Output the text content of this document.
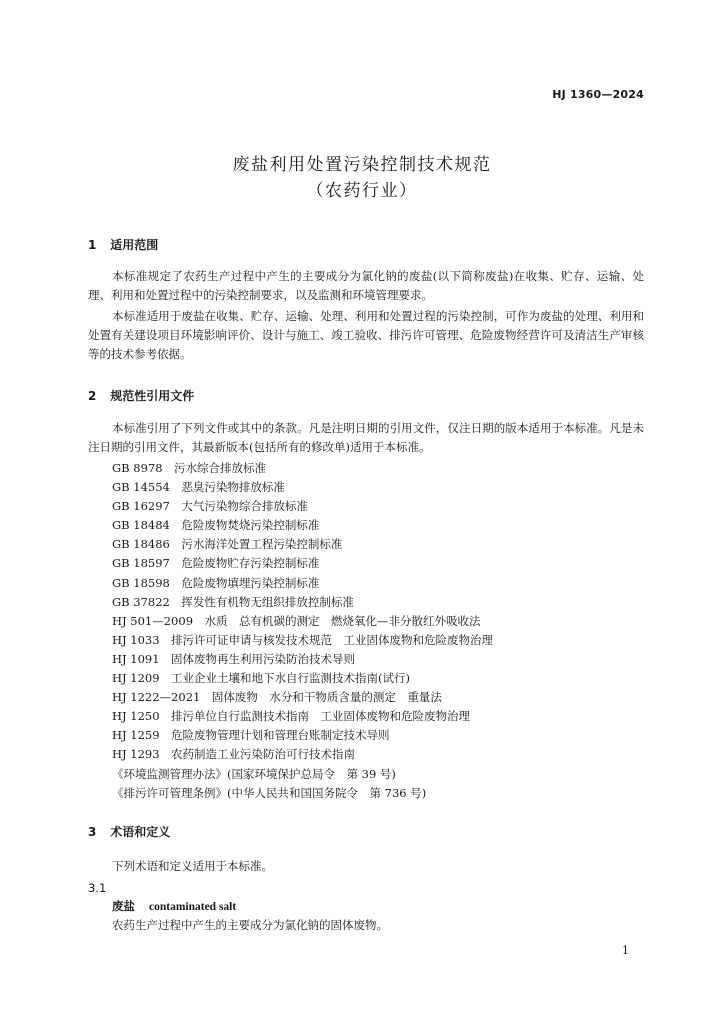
HJ 1360—2024
废盐利用处置污染控制技术规范
（农药行业）
1 适用范围
本标准规定了农药生产过程中产生的主要成分为氯化钠的废盐(以下简称废盐)在收集、贮存、运输、处理、利用和处置过程中的污染控制要求，以及监测和环境管理要求。
本标准适用于废盐在收集、贮存、运输、处理、利用和处置过程的污染控制，可作为废盐的处理、利用和处置有关建设项目环境影响评价、设计与施工、竣工验收、排污许可管理、危险废物经营许可及清洁生产审核等的技术参考依据。
2 规范性引用文件
本标准引用了下列文件或其中的条款。凡是注明日期的引用文件，仅注日期的版本适用于本标准。凡是未注日期的引用文件，其最新版本(包括所有的修改单)适用于本标准。
GB 8978　污水综合排放标准
GB 14554　恶臭污染物排放标准
GB 16297　大气污染物综合排放标准
GB 18484　危险废物焚烧污染控制标准
GB 18486　污水海洋处置工程污染控制标准
GB 18597　危险废物贮存污染控制标准
GB 18598　危险废物填埋污染控制标准
GB 37822　挥发性有机物无组织排放控制标准
HJ 501—2009　水质　总有机碳的测定　燃烧氧化—非分散红外吸收法
HJ 1033　排污许可证申请与核发技术规范　工业固体废物和危险废物治理
HJ 1091　固体废物再生利用污染防治技术导则
HJ 1209　工业企业土壤和地下水自行监测技术指南(试行)
HJ 1222—2021　固体废物　水分和干物质含量的测定　重量法
HJ 1250　排污单位自行监测技术指南　工业固体废物和危险废物治理
HJ 1259　危险废物管理计划和管理台账制定技术导则
HJ 1293　农药制造工业污染防治可行技术指南
《环境监测管理办法》(国家环境保护总局令　第 39 号)
《排污许可管理条例》(中华人民共和国国务院令　第 736 号)
3 术语和定义
下列术语和定义适用于本标准。
3.1
废盐 contaminated salt
农药生产过程中产生的主要成分为氯化钠的固体废物。
1
